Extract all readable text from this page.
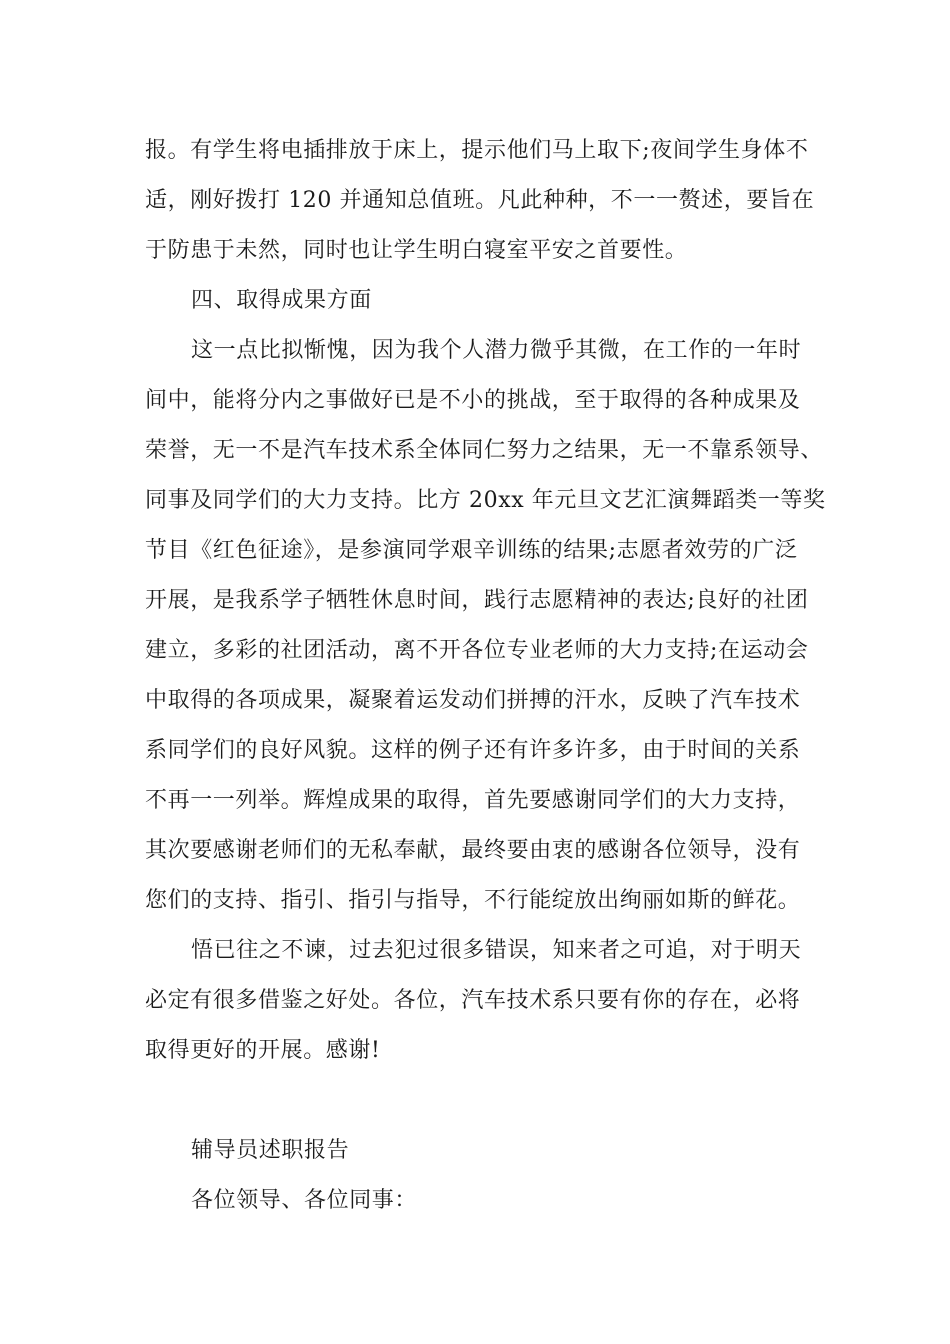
报。有学生将电插排放于床上，提示他们马上取下;夜间学生身体不
适，刚好拨打 120 并通知总值班。凡此种种，不一一赘述，要旨在
于防患于未然，同时也让学生明白寝室平安之首要性。
四、取得成果方面
这一点比拟惭愧，因为我个人潜力微乎其微，在工作的一年时
间中，能将分内之事做好已是不小的挑战，至于取得的各种成果及
荣誉，无一不是汽车技术系全体同仁努力之结果，无一不靠系领导、
同事及同学们的大力支持。比方 20xx 年元旦文艺汇演舞蹈类一等奖
节目《红色征途》，是参演同学艰辛训练的结果;志愿者效劳的广泛
开展，是我系学子牺牲休息时间，践行志愿精神的表达;良好的社团
建立，多彩的社团活动，离不开各位专业老师的大力支持;在运动会
中取得的各项成果，凝聚着运发动们拼搏的汗水，反映了汽车技术
系同学们的良好风貌。这样的例子还有许多许多，由于时间的关系
不再一一列举。辉煌成果的取得，首先要感谢同学们的大力支持，
其次要感谢老师们的无私奉献，最终要由衷的感谢各位领导，没有
您们的支持、指引、指引与指导，不行能绽放出绚丽如斯的鲜花。
悟已往之不谏，过去犯过很多错误，知来者之可追，对于明天
必定有很多借鉴之好处。各位，汽车技术系只要有你的存在，必将
取得更好的开展。感谢!
辅导员述职报告
各位领导、各位同事：
